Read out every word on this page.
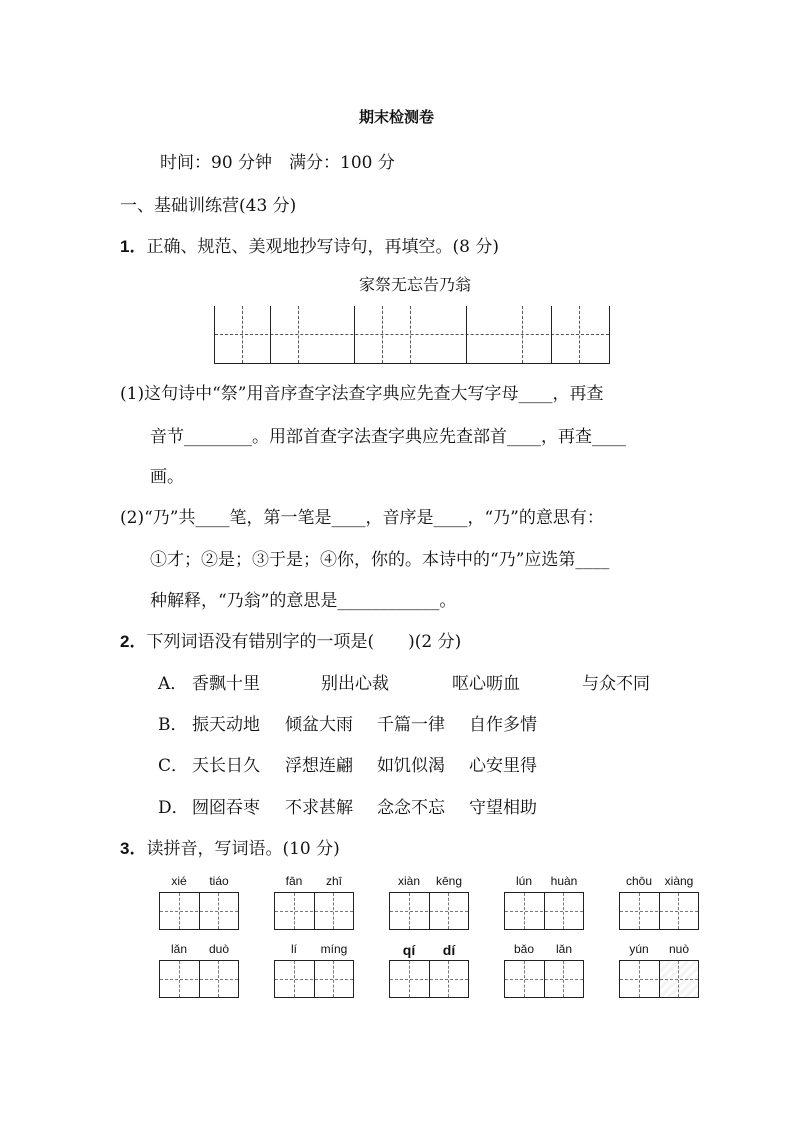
期末检测卷
时间：90 分钟　满分：100 分
一、基础训练营(43 分)
1．正确、规范、美观地抄写诗句，再填空。(8 分)
家祭无忘告乃翁
(1)这句诗中“祭”用音序查字法查字典应先查大写字母____，再查
音节________。用部首查字法查字典应先查部首____，再查____
画。
(2)“乃”共____笔，第一笔是____，音序是____，“乃”的意思有：
①才；②是；③于是；④你，你的。本诗中的“乃”应选第____
种解释，“乃翁”的意思是____________。
2．下列词语没有错别字的一项是(　　)(2 分)
A． 香飘十里	别出心裁	呕心呖血	与众不同
B． 振天动地 倾盆大雨 千篇一律 自作多情
C． 天长日久 浮想连翩 如饥似渴 心安里得
D． 囫囵吞枣 不求甚解 念念不忘 守望相助
3．读拼音，写词语。(10 分)
xié	tiáo	fān	zhī	xiàn	kēng	lún	huàn	chōu	xiàng
lǎn	duò	lí	míng	qí	dí	bǎo	lǎn	yún	nuò
